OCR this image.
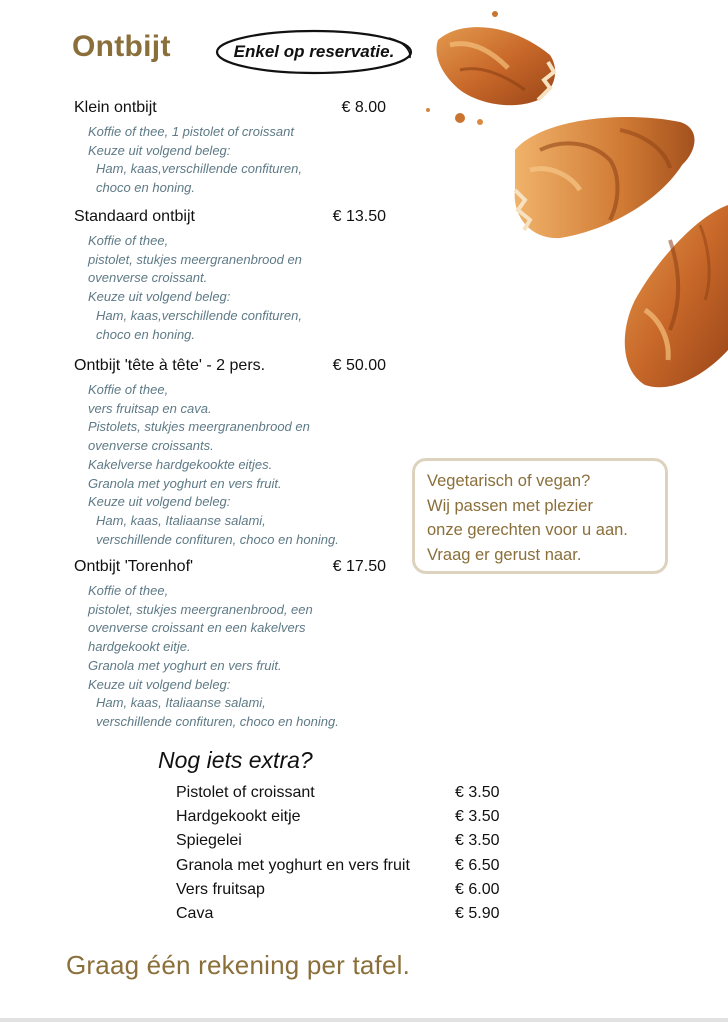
Ontbijt	Enkel op reservatie.
Klein ontbijt	€ 8.00
Koffie of thee, 1 pistolet of croissant
Keuze uit volgend beleg:
Ham, kaas,verschillende confituren,
choco en honing.
Standaard ontbijt	€ 13.50
Koffie of thee,
pistolet, stukjes meergranenbrood en
ovenverse croissant.
Keuze uit volgend beleg:
Ham, kaas,verschillende confituren,
choco en honing.
Ontbijt 'tête à tête' - 2 pers.	€ 50.00
Koffie of thee,
vers fruitsap en cava.
Pistolets, stukjes meergranenbrood en
ovenverse croissants.
Kakelverse hardgekookte eitjes.
Granola met yoghurt en vers fruit.
Keuze uit volgend beleg:
Ham, kaas, Italiaanse salami,
verschillende confituren, choco en honing.
Ontbijt 'Torenhof'	€ 17.50
Koffie of thee,
pistolet, stukjes meergranenbrood, een
ovenverse croissant en een kakelvers
hardgekookt eitje.
Granola met yoghurt en vers fruit.
Keuze uit volgend beleg:
Ham, kaas, Italiaanse salami,
verschillende confituren, choco en honing.
Vegetarisch of vegan?
Wij passen met plezier
onze gerechten voor u aan.
Vraag er gerust naar.
Nog iets extra?
Pistolet of croissant	€ 3.50
Hardgekookt eitje	€ 3.50
Spiegelei	€ 3.50
Granola met yoghurt en vers fruit	€ 6.50
Vers fruitsap	€ 6.00
Cava	€ 5.90
Graag één rekening per tafel.
